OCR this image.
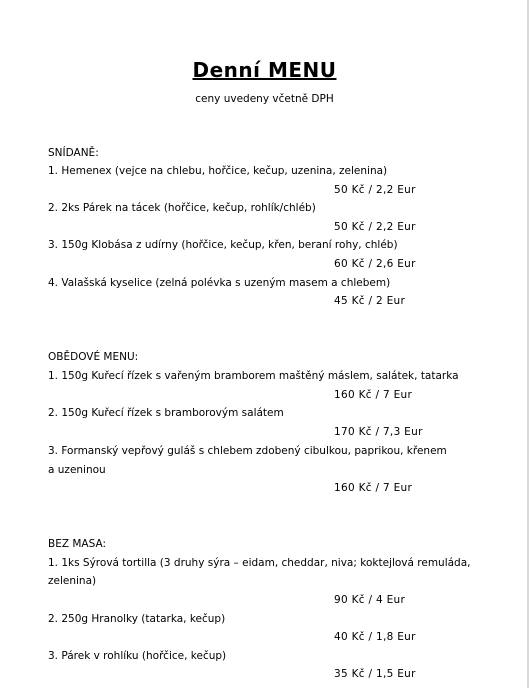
Denní MENU
ceny uvedeny včetně DPH
SNÍDANĚ:
1. Hemenex (vejce na chlebu, hořčice, kečup, uzenina, zelenina)
50 Kč / 2,2 Eur
2. 2ks Párek na tácek (hořčice, kečup, rohlík/chléb)
50 Kč / 2,2 Eur
3. 150g Klobása z udírny (hořčice, kečup, křen, beraní rohy, chléb)
60 Kč / 2,6 Eur
4. Valašská kyselice (zelná polévka s uzeným masem a chlebem)
45 Kč / 2 Eur
OBĚDOVÉ MENU:
1. 150g Kuřecí řízek s vařeným bramborem maštěný máslem, salátek, tatarka
160 Kč / 7 Eur
2. 150g Kuřecí řízek s bramborovým salátem
170 Kč / 7,3 Eur
3. Formanský vepřový guláš s chlebem zdobený cibulkou, paprikou, křenem
a uzeninou
160 Kč / 7 Eur
BEZ MASA:
1. 1ks Sýrová tortilla (3 druhy sýra – eidam, cheddar, niva; koktejlová remuláda,
zelenina)
90 Kč / 4 Eur
2. 250g Hranolky (tatarka, kečup)
40 Kč / 1,8 Eur
3. Párek v rohlíku (hořčice, kečup)
35 Kč / 1,5 Eur
